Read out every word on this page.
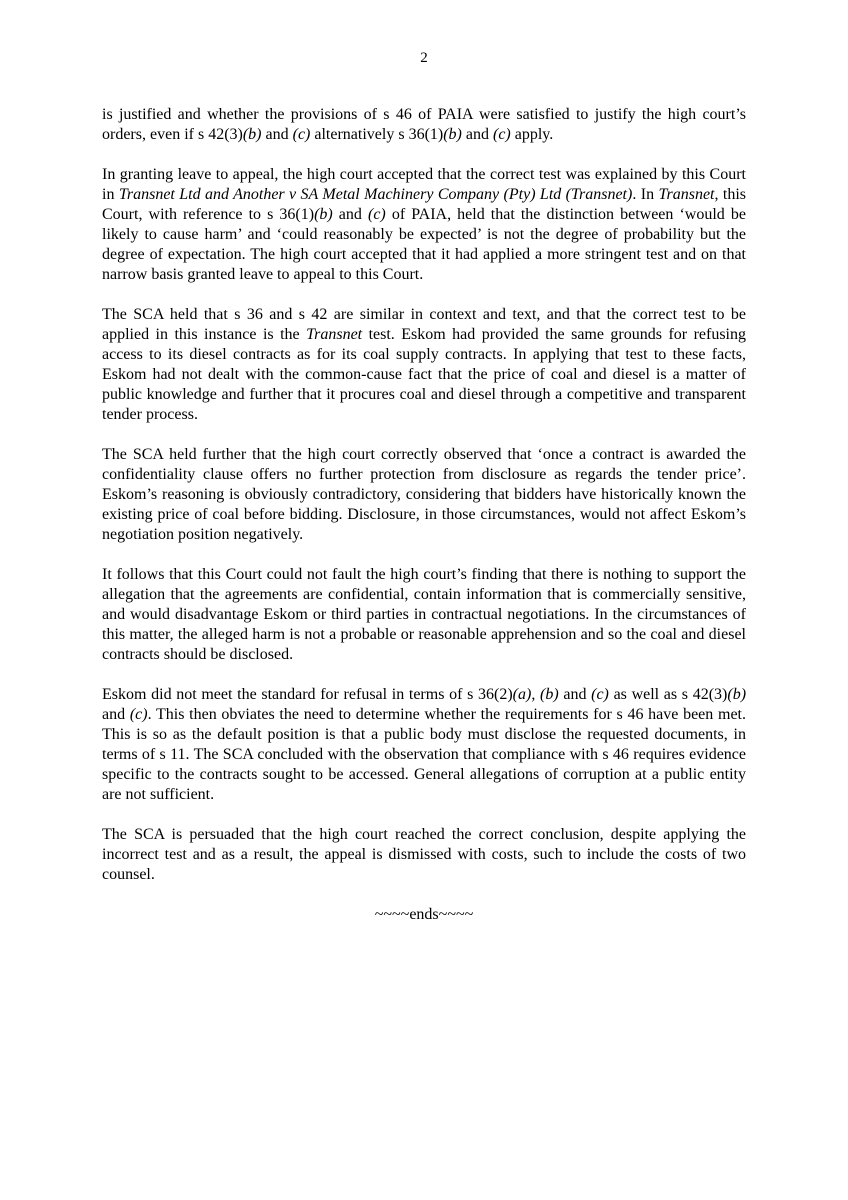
2

is justified and whether the provisions of s 46 of PAIA were satisfied to justify the high court’s orders, even if s 42(3)(b) and (c) alternatively s 36(1)(b) and (c) apply.

In granting leave to appeal, the high court accepted that the correct test was explained by this Court in Transnet Ltd and Another v SA Metal Machinery Company (Pty) Ltd (Transnet). In Transnet, this Court, with reference to s 36(1)(b) and (c) of PAIA, held that the distinction between ‘would be likely to cause harm’ and ‘could reasonably be expected’ is not the degree of probability but the degree of expectation. The high court accepted that it had applied a more stringent test and on that narrow basis granted leave to appeal to this Court.

The SCA held that s 36 and s 42 are similar in context and text, and that the correct test to be applied in this instance is the Transnet test. Eskom had provided the same grounds for refusing access to its diesel contracts as for its coal supply contracts. In applying that test to these facts, Eskom had not dealt with the common-cause fact that the price of coal and diesel is a matter of public knowledge and further that it procures coal and diesel through a competitive and transparent tender process.

The SCA held further that the high court correctly observed that ‘once a contract is awarded the confidentiality clause offers no further protection from disclosure as regards the tender price’. Eskom’s reasoning is obviously contradictory, considering that bidders have historically known the existing price of coal before bidding. Disclosure, in those circumstances, would not affect Eskom’s negotiation position negatively.

It follows that this Court could not fault the high court’s finding that there is nothing to support the allegation that the agreements are confidential, contain information that is commercially sensitive, and would disadvantage Eskom or third parties in contractual negotiations. In the circumstances of this matter, the alleged harm is not a probable or reasonable apprehension and so the coal and diesel contracts should be disclosed.

Eskom did not meet the standard for refusal in terms of s 36(2)(a), (b) and (c) as well as s 42(3)(b) and (c). This then obviates the need to determine whether the requirements for s 46 have been met. This is so as the default position is that a public body must disclose the requested documents, in terms of s 11. The SCA concluded with the observation that compliance with s 46 requires evidence specific to the contracts sought to be accessed. General allegations of corruption at a public entity are not sufficient.

The SCA is persuaded that the high court reached the correct conclusion, despite applying the incorrect test and as a result, the appeal is dismissed with costs, such to include the costs of two counsel.

~~~~ends~~~~
